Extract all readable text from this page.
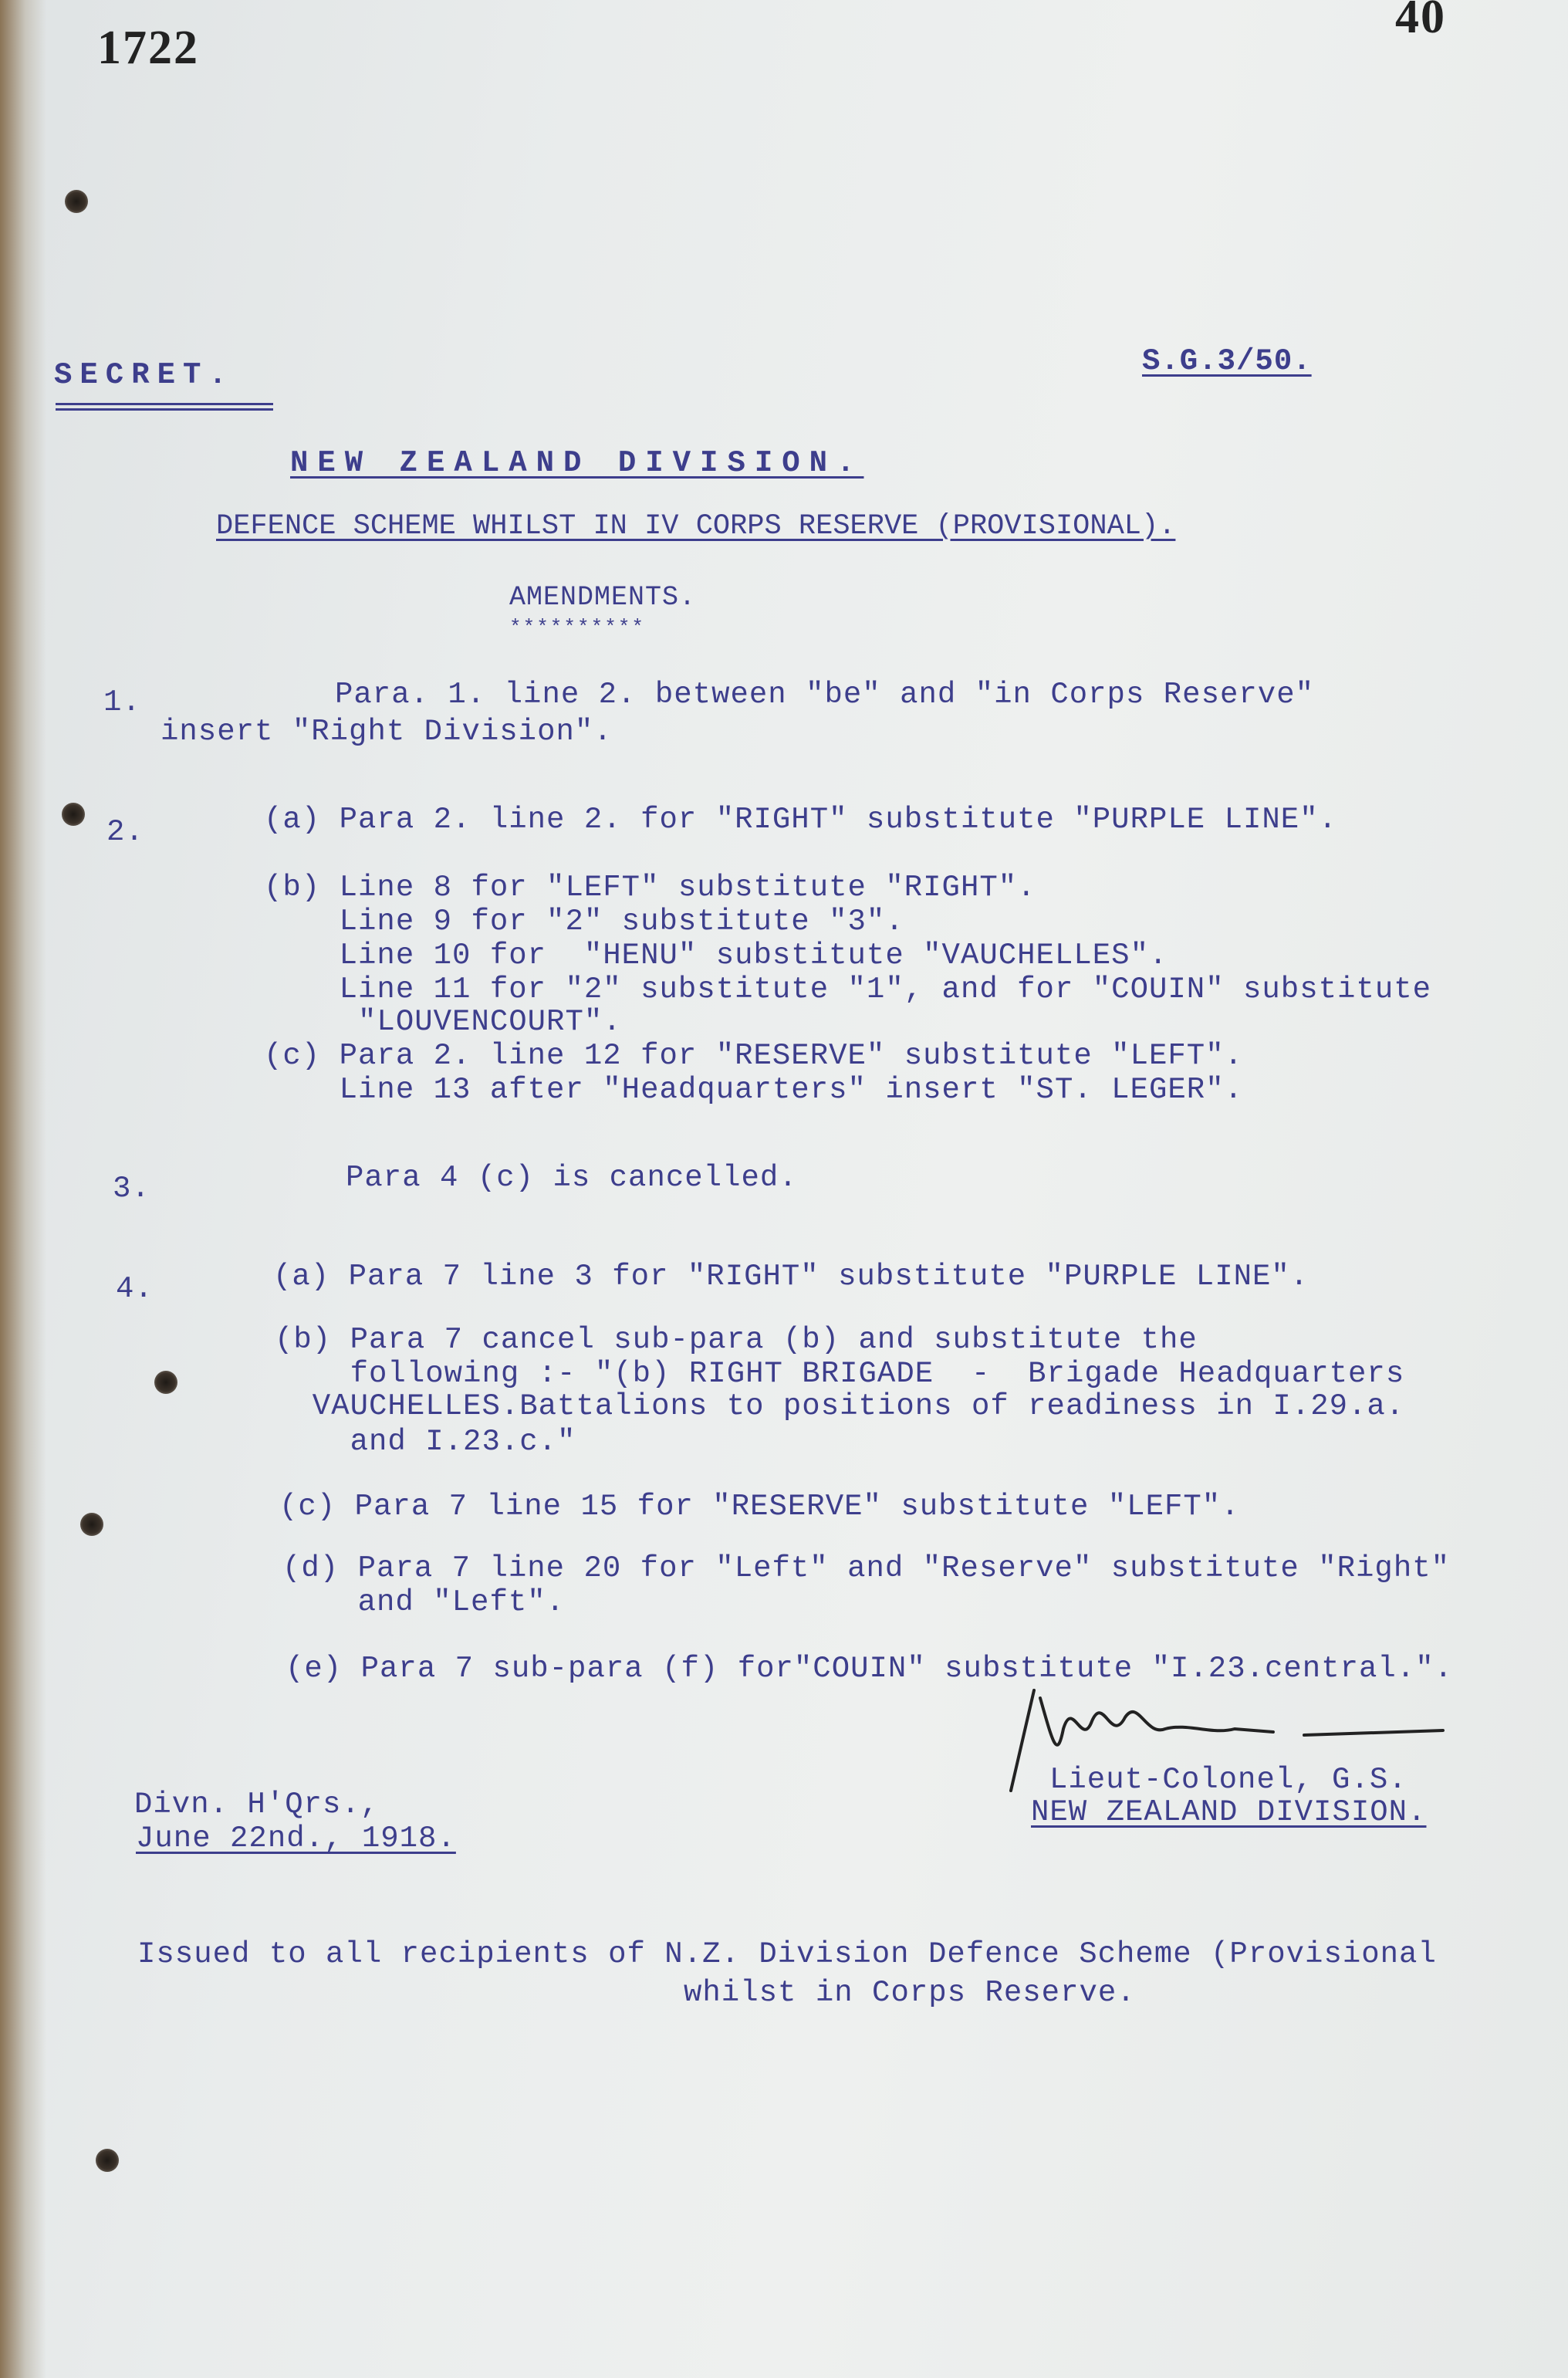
1722

40

SECRET.	S.G.3/50.

NEW ZEALAND DIVISION.

DEFENCE SCHEME WHILST IN IV CORPS RESERVE (PROVISIONAL).

AMENDMENTS.

**********

1.	Para. 1. line 2. between "be" and "in Corps Reserve"

insert "Right Division".

2.	(a) Para 2. line 2. for "RIGHT" substitute "PURPLE LINE".

(b) Line 8 for "LEFT" substitute "RIGHT".

Line 9 for "2" substitute "3".

Line 10 for  "HENU" substitute "VAUCHELLES".

Line 11 for "2" substitute "1", and for "COUIN" substitute

"LOUVENCOURT".

(c) Para 2. line 12 for "RESERVE" substitute "LEFT".

Line 13 after "Headquarters" insert "ST. LEGER".

3.	Para 4 (c) is cancelled.

4.	(a) Para 7 line 3 for "RIGHT" substitute "PURPLE LINE".

(b) Para 7 cancel sub-para (b) and substitute the

following :- "(b) RIGHT BRIGADE  -  Brigade Headquarters

VAUCHELLES.Battalions to positions of readiness in I.29.a.

and I.23.c."

(c) Para 7 line 15 for "RESERVE" substitute "LEFT".

(d) Para 7 line 20 for "Left" and "Reserve" substitute "Right"

and "Left".

(e) Para 7 sub-para (f) for"COUIN" substitute "I.23.central.".

Lieut-Colonel, G.S.

NEW ZEALAND DIVISION.

Divn. H'Qrs.,

June 22nd., 1918.

Issued to all recipients of N.Z. Division Defence Scheme (Provisional

whilst in Corps Reserve.
